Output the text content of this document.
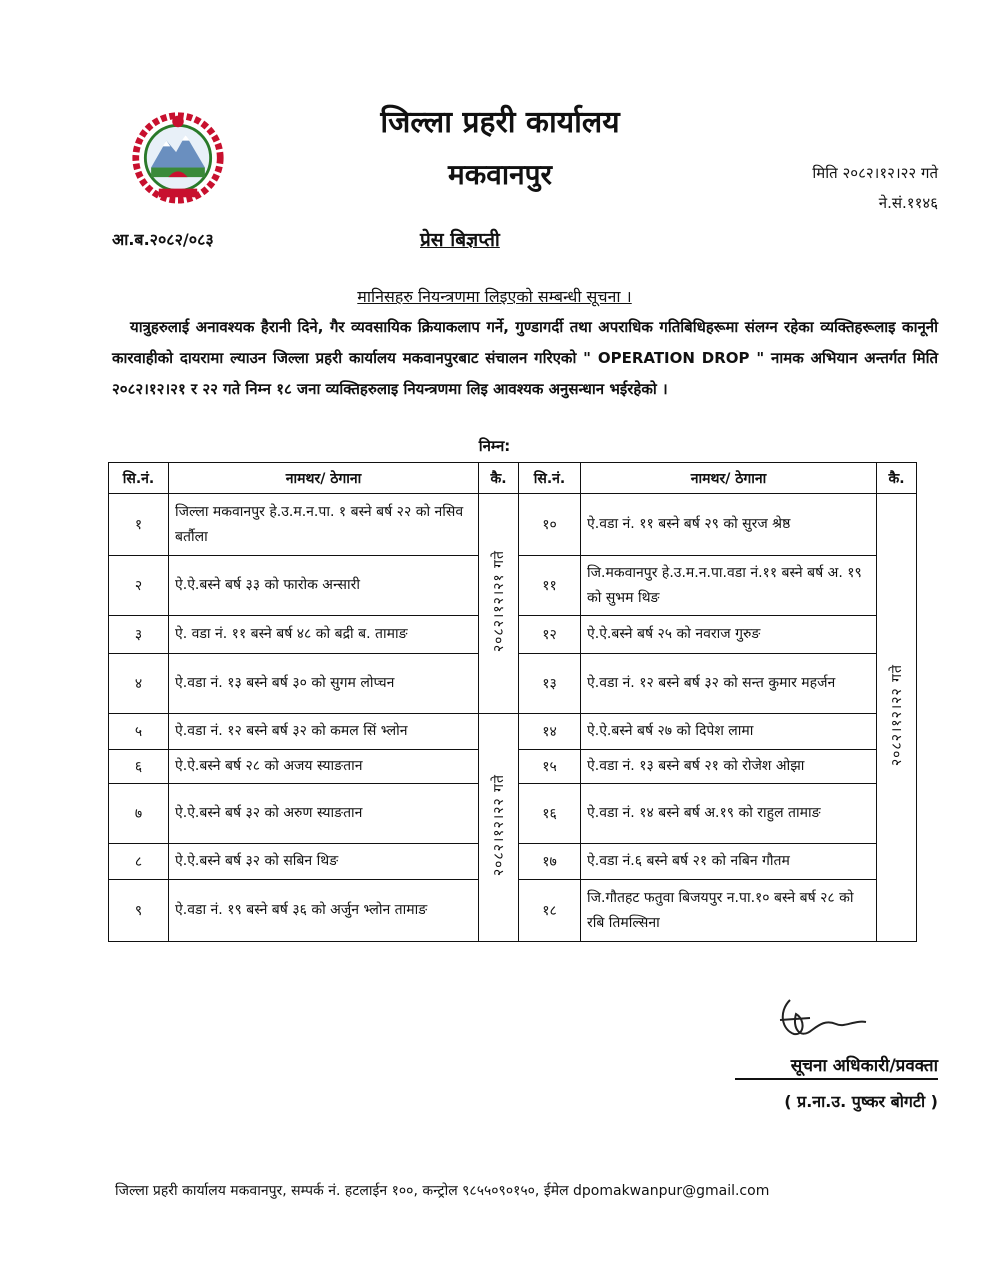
जिल्ला प्रहरी कार्यालय
मकवानपुर	मिति २०८२।१२।२२ गते
ने.सं.११४६
आ.ब.२०८२/०८३	प्रेस बिज्ञप्ती
मानिसहरु नियन्त्रणमा लिइएको सम्बन्धी सूचना ।
यात्रुहरुलाई अनावश्यक हैरानी दिने, गैर व्यवसायिक क्रियाकलाप गर्ने, गुण्डागर्दी तथा अपराधिक गतिबिधिहरूमा संलग्न रहेका व्यक्तिहरूलाइ कानूनी कारवाहीको दायरामा ल्याउन जिल्ला प्रहरी कार्यालय मकवानपुरबाट संचालन गरिएको " OPERATION DROP " नामक अभियान अन्तर्गत मिति २०८२।१२।२१ र २२ गते निम्न १८ जना व्यक्तिहरुलाइ नियन्त्रणमा लिइ आवश्यक अनुसन्धान भईरहेको ।
निम्न:
सि.नं.	नामथर/ ठेगाना	कै.	सि.नं.	नामथर/ ठेगाना	कै.
१	जिल्ला मकवानपुर हे.उ.म.न.पा. १ बस्ने बर्ष २२ को नसिव बर्तौला	२०८२।१२।२१ गते	१०	ऐ.वडा नं. ११ बस्ने बर्ष २९ को सुरज श्रेष्ठ	२०८२।१२।२२ गते
२	ऐ.ऐ.बस्ने बर्ष ३३ को फारोक अन्सारी		११	जि.मकवानपुर हे.उ.म.न.पा.वडा नं.११ बस्ने बर्ष अ. १९ को सुभम थिङ	
३	ऐ. वडा नं. ११ बस्ने बर्ष ४८ को बद्री ब. तामाङ		१२	ऐ.ऐ.बस्ने बर्ष २५ को नवराज गुरुङ	
४	ऐ.वडा नं. १३ बस्ने बर्ष ३० को सुगम लोप्चन		१३	ऐ.वडा नं. १२ बस्ने बर्ष ३२ को सन्त कुमार महर्जन	
५	ऐ.वडा नं. १२ बस्ने बर्ष ३२ को कमल सिं भ्लोन	२०८२।१२।२२ गते	१४	ऐ.ऐ.बस्ने बर्ष २७ को दिपेश लामा	
६	ऐ.ऐ.बस्ने बर्ष २८ को अजय स्याङतान		१५	ऐ.वडा नं. १३ बस्ने बर्ष २१ को रोजेश ओझा	
७	ऐ.ऐ.बस्ने बर्ष ३२ को अरुण स्याङतान		१६	ऐ.वडा नं. १४ बस्ने बर्ष अ.१९ को राहुल तामाङ	
८	ऐ.ऐ.बस्ने बर्ष ३२ को सबिन थिङ		१७	ऐ.वडा नं.६ बस्ने बर्ष २१ को नबिन गौतम	
९	ऐ.वडा नं. १९ बस्ने बर्ष ३६ को अर्जुन भ्लोन तामाङ		१८	जि.गौतहट फतुवा बिजयपुर न.पा.१० बस्ने बर्ष २८ को रबि तिमल्सिना	
सूचना अधिकारी/प्रवक्ता
( प्र.ना.उ. पुष्कर बोगटी )
जिल्ला प्रहरी कार्यालय मकवानपुर, सम्पर्क नं. हटलाईन १००, कन्ट्रोल ९८५५०९०१५०, ईमेल dpomakwanpur@gmail.com
